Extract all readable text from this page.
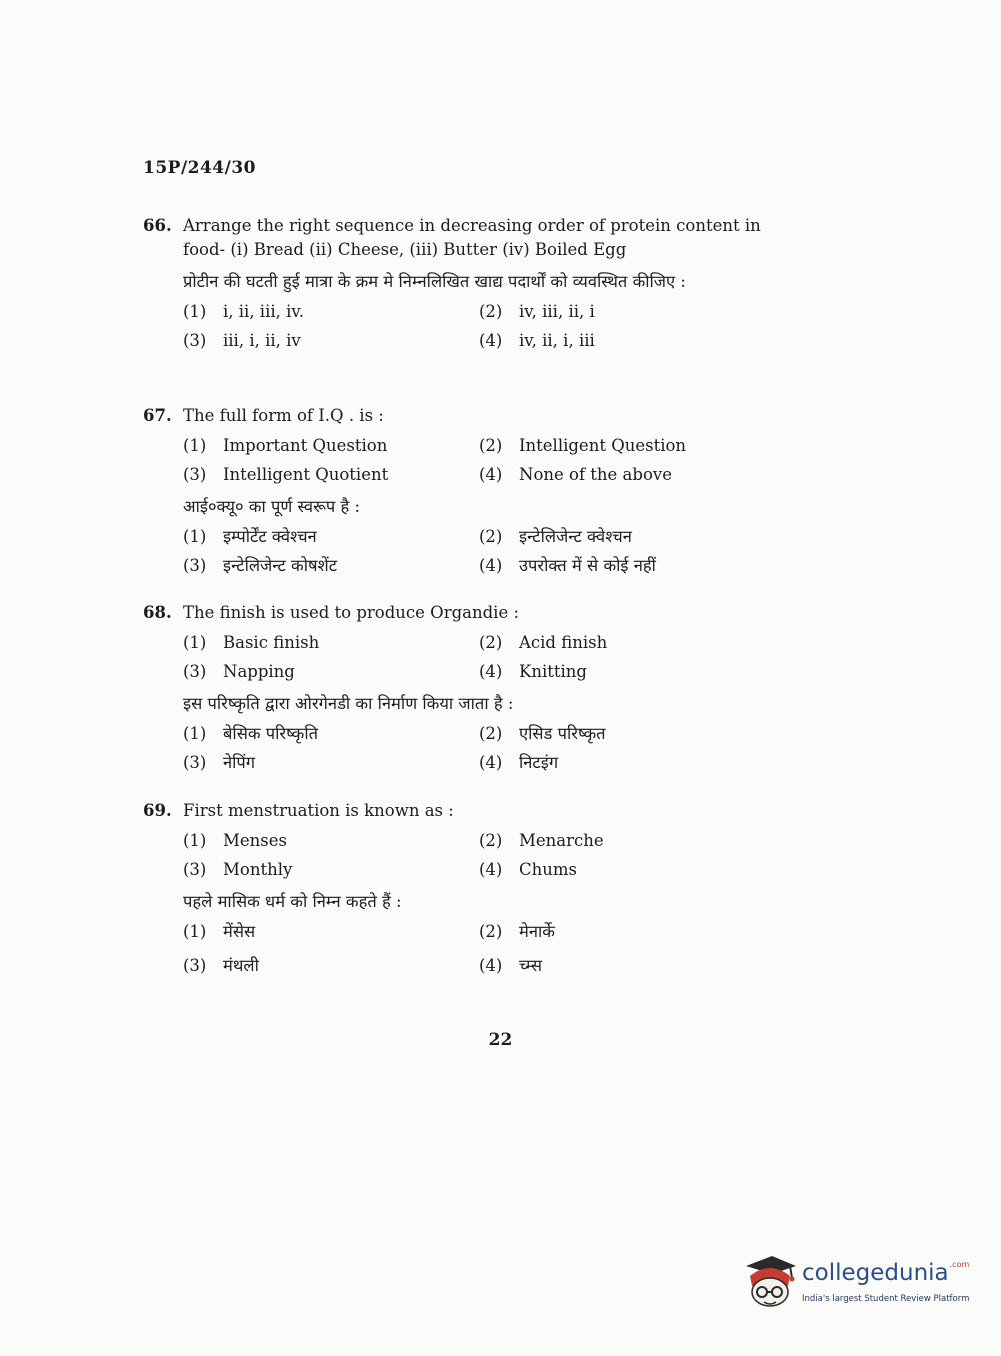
15P/244/30
66. Arrange the right sequence in decreasing order of protein content in food- (i) Bread (ii) Cheese, (iii) Butter (iv) Boiled Egg
प्रोटीन की घटती हुई मात्रा के क्रम मे निम्नलिखित खाद्य पदार्थों को व्यवस्थित कीजिए :
(1)	i, ii, iii, iv.	(2)	iv, iii, ii, i
(3)	iii, i, ii, iv	(4)	iv, ii, i, iii
67. The full form of I.Q . is :
(1)	Important Question	(2)	Intelligent Question
(3)	Intelligent Quotient	(4)	None of the above
आई०क्यू० का पूर्ण स्वरूप है :
(1)	इम्पोर्टेंट क्वेश्चन	(2)	इन्टेलिजेन्ट क्वेश्चन
(3)	इन्टेलिजेन्ट कोषशेंट	(4)	उपरोक्त में से कोई नहीं
68. The finish is used to produce Organdie :
(1)	Basic finish	(2)	Acid finish
(3)	Napping	(4)	Knitting
इस परिष्कृति द्वारा ओरगेनडी का निर्माण किया जाता है :
(1)	बेसिक परिष्कृति	(2)	एसिड परिष्कृत
(3)	नेपिंग	(4)	निटइंग
69. First menstruation is known as :
(1)	Menses	(2)	Menarche
(3)	Monthly	(4)	Chums
पहले मासिक धर्म को निम्न कहते हैं :
(1)	मेंसेस	(2)	मेनार्के
(3)	मंथली	(4)	च्म्स
22
collegedunia$^{.com}$
India's largest Student Review Platform
